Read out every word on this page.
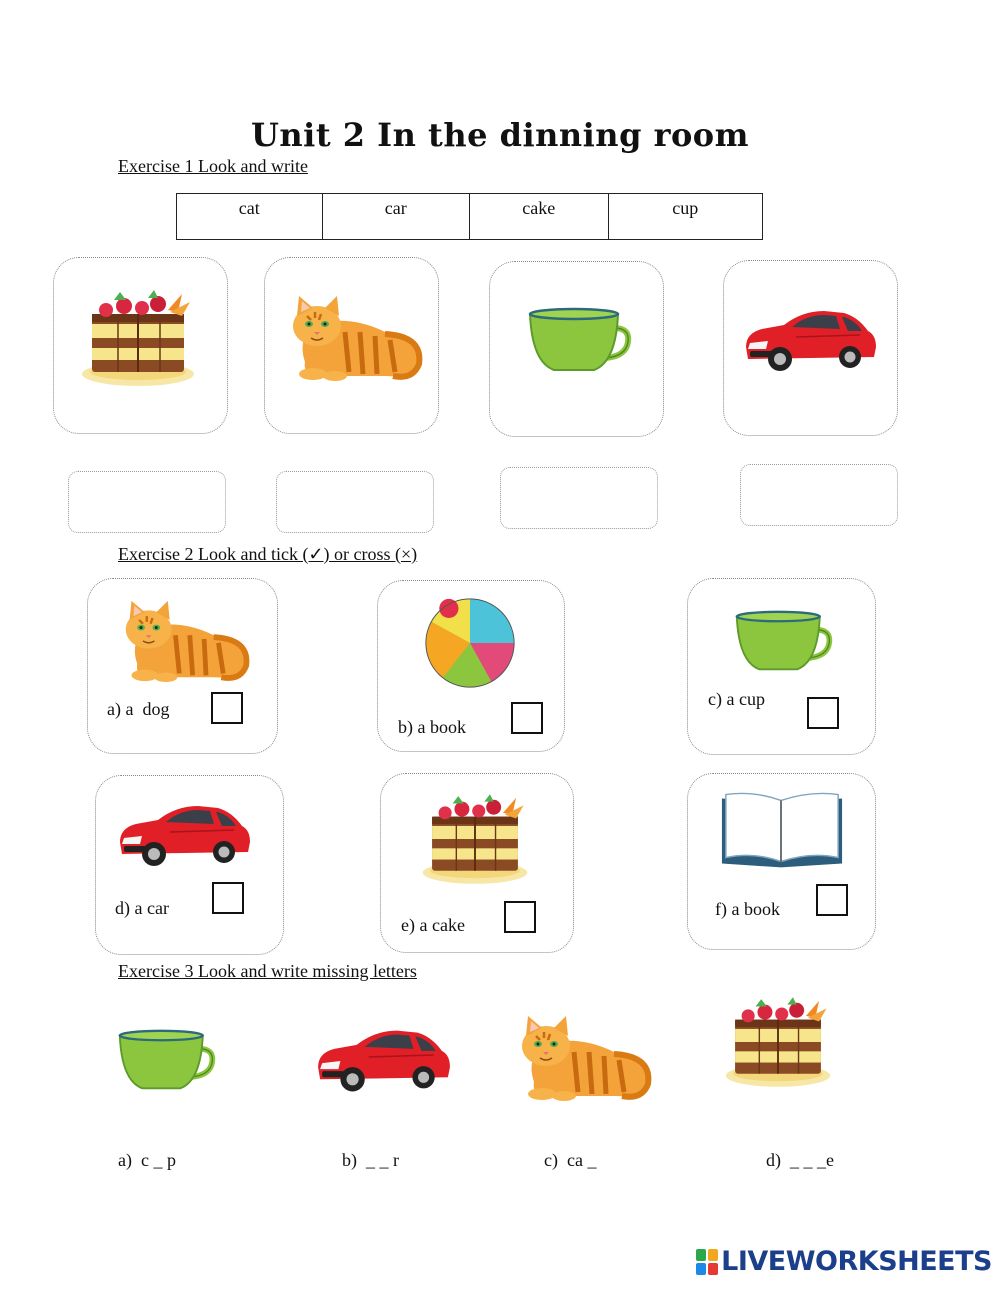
Unit 2 In the dinning room
Exercise 1 Look and write
cat	car	cake	cup
Exercise 2 Look and tick (✓) or cross (×)
a) a  dog
b) a book
c) a cup
d) a car
e) a cake
f) a book
Exercise 3 Look and write missing letters
a)  c _ p	b)  _ _ r	c)  ca _	d)  _ _ _e
LIVEWORKSHEETS
